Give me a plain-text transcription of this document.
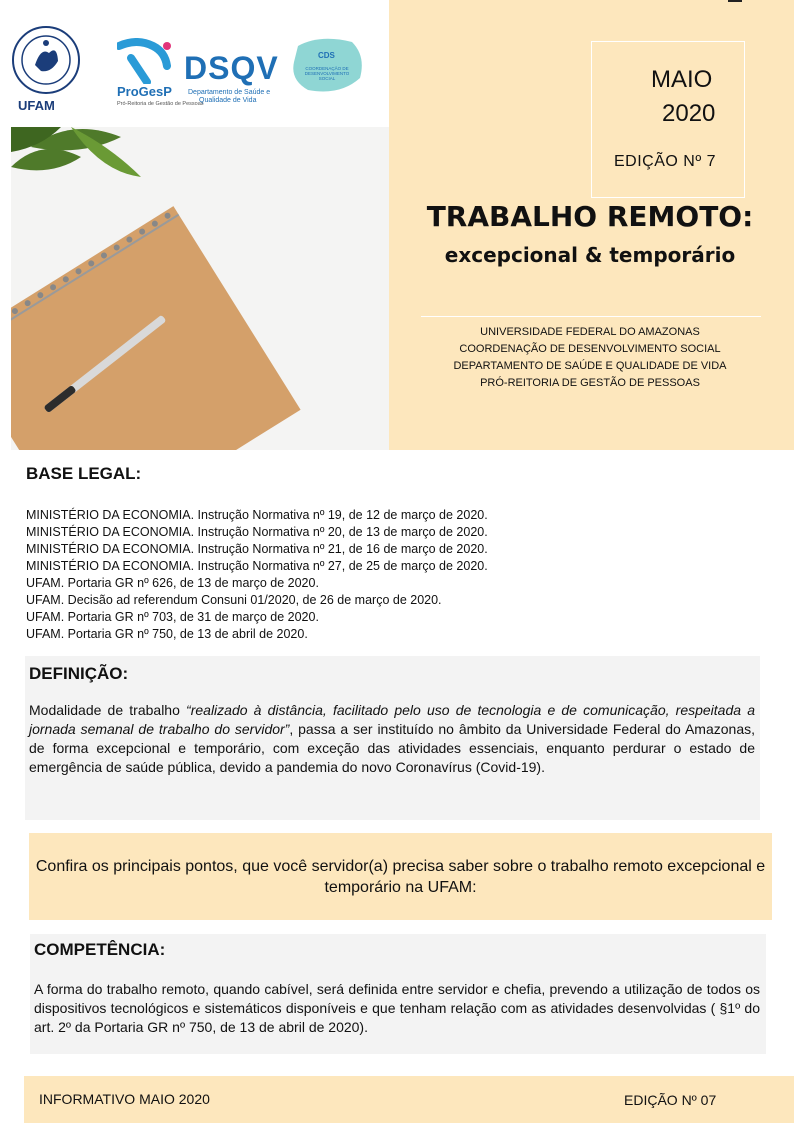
UFAM
ProGesP
Pró-Reitoria de Gestão de Pessoas
DSQV
Departamento de Saúde e
Qualidade de Vida
CDS
COORDENAÇÃO DE DESENVOLVIMENTO SOCIAL	MAIO
2020
EDIÇÃO Nº 7
TRABALHO REMOTO:
excepcional & temporário
UNIVERSIDADE FEDERAL DO AMAZONAS
COORDENAÇÃO DE DESENVOLVIMENTO SOCIAL
DEPARTAMENTO DE SAÚDE E QUALIDADE DE VIDA
PRÓ-REITORIA DE GESTÃO DE PESSOAS
BASE LEGAL:
MINISTÉRIO DA ECONOMIA. Instrução Normativa nº 19, de 12 de março de 2020.
MINISTÉRIO DA ECONOMIA. Instrução Normativa nº 20, de 13 de março de 2020.
MINISTÉRIO DA ECONOMIA. Instrução Normativa nº 21, de 16 de março de 2020.
MINISTÉRIO DA ECONOMIA. Instrução Normativa nº 27, de 25 de março de 2020.
UFAM. Portaria GR nº 626, de 13 de março de 2020.
UFAM. Decisão ad referendum Consuni 01/2020, de 26 de março de 2020.
UFAM. Portaria GR nº 703, de 31 de março de 2020.
UFAM. Portaria GR nº 750, de 13 de abril de 2020.
DEFINIÇÃO:
Modalidade de trabalho “realizado à distância, facilitado pelo uso de tecnologia e de comunicação, respeitada a jornada semanal de trabalho do servidor”, passa a ser instituído no âmbito da Universidade Federal do Amazonas, de forma excepcional e temporário, com exceção das atividades essenciais, enquanto perdurar o estado de emergência de saúde pública, devido a pandemia do novo Coronavírus (Covid-19).
Confira os principais pontos, que você servidor(a) precisa saber sobre o trabalho remoto excepcional e temporário na UFAM:
COMPETÊNCIA:
A forma do trabalho remoto, quando cabível, será definida entre servidor e chefia, prevendo a utilização de todos os dispositivos tecnológicos e sistemáticos disponíveis e que tenham relação com as atividades desenvolvidas ( §1º do art. 2º da Portaria GR nº 750, de 13 de abril de 2020).
INFORMATIVO MAIO 2020	EDIÇÃO Nº 07
